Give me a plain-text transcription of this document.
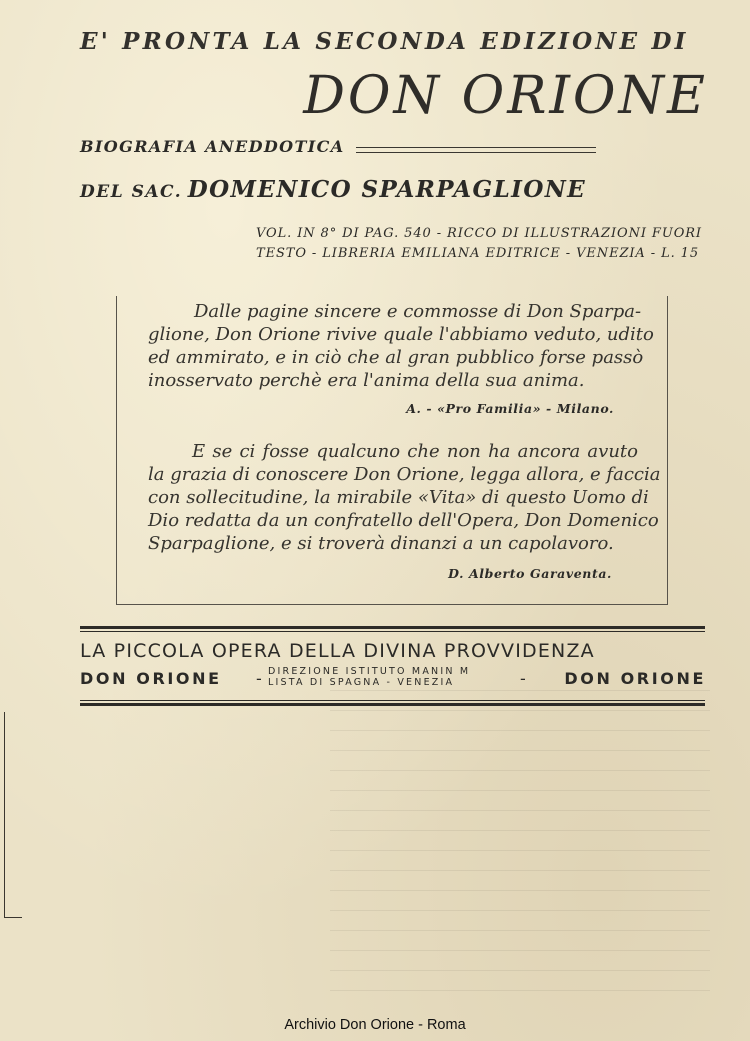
E' PRONTA LA SECONDA EDIZIONE DI
DON ORIONE
BIOGRAFIA ANEDDOTICA
DEL SAC. DOMENICO SPARPAGLIONE
VOL. IN 8° DI PAG. 540 - RICCO DI ILLUSTRAZIONI FUORI
TESTO - LIBRERIA EMILIANA EDITRICE - VENEZIA - L. 15
Dalle pagine sincere e commosse di Don Sparpa-
glione, Don Orione rivive quale l'abbiamo veduto, udito
ed ammirato, e in ciò che al gran pubblico forse passò
inosservato perchè era l'anima della sua anima.
A. - «Pro Familia» - Milano.
E se ci fosse qualcuno che non ha ancora avuto
la grazia di conoscere Don Orione, legga allora, e faccia
con sollecitudine, la mirabile «Vita» di questo Uomo di
Dio redatta da un confratello dell'Opera, Don Domenico
Sparpaglione, e si troverà dinanzi a un capolavoro.
D. Alberto Garaventa.
LA PICCOLA OPERA DELLA DIVINA PROVVIDENZA
DON ORIONE - DIREZIONE ISTITUTO MANIN M
LISTA DI SPAGNA - VENEZIA	- DON ORIONE
Archivio Don Orione - Roma
